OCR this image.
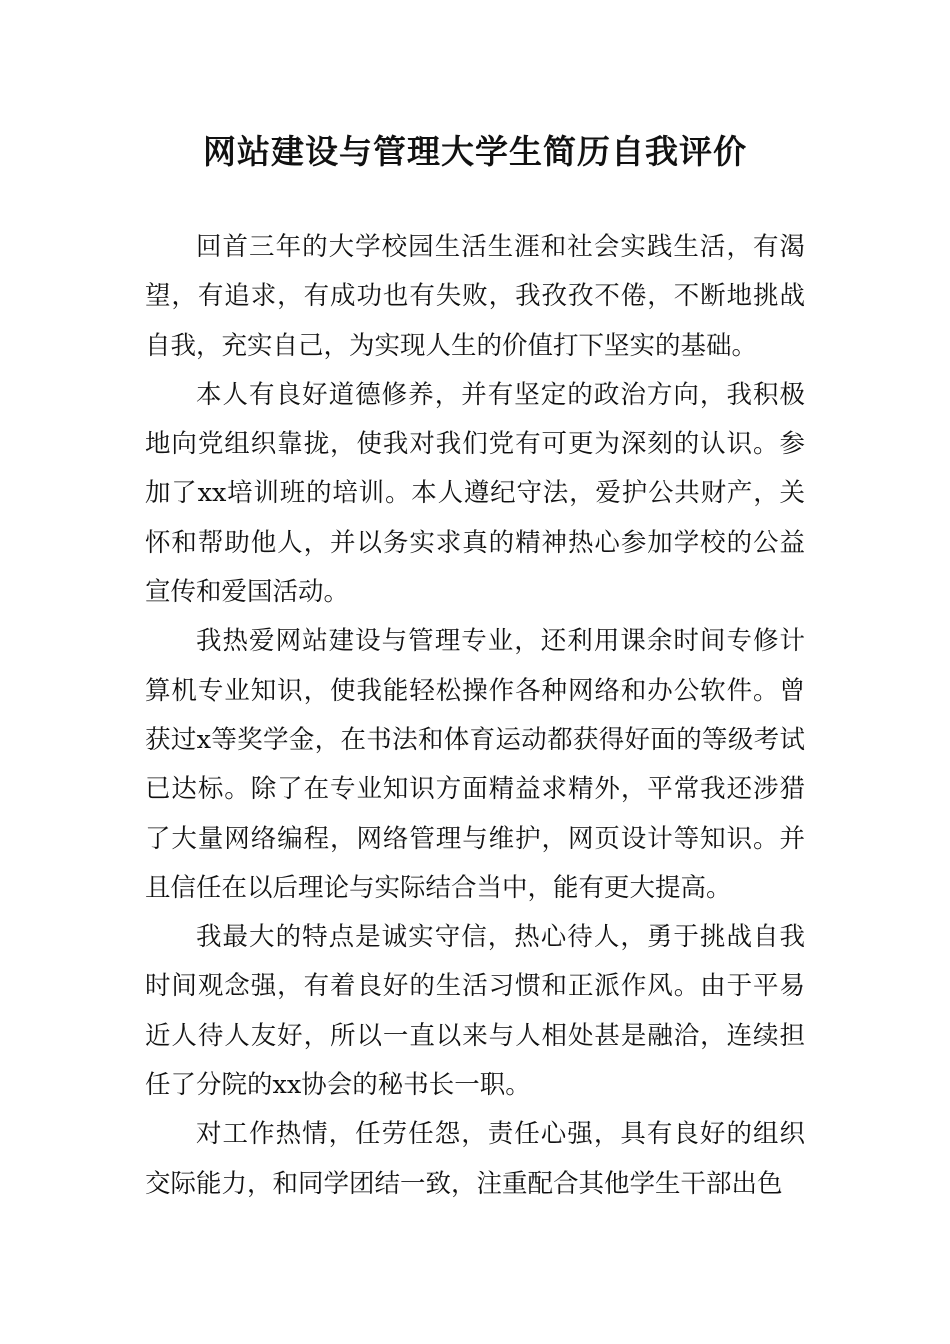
网站建设与管理大学生简历自我评价

回首三年的大学校园生活生涯和社会实践生活，有渴望，有追求，有成功也有失败，我孜孜不倦，不断地挑战自我，充实自己，为实现人生的价值打下坚实的基础。

本人有良好道德修养，并有坚定的政治方向，我积极地向党组织靠拢，使我对我们党有可更为深刻的认识。参加了xx培训班的培训。本人遵纪守法，爱护公共财产，关怀和帮助他人，并以务实求真的精神热心参加学校的公益宣传和爱国活动。

我热爱网站建设与管理专业，还利用课余时间专修计算机专业知识，使我能轻松操作各种网络和办公软件。曾获过x等奖学金，在书法和体育运动都获得好面的等级考试已达标。除了在专业知识方面精益求精外，平常我还涉猎了大量网络编程，网络管理与维护，网页设计等知识。并且信任在以后理论与实际结合当中，能有更大提高。

我最大的特点是诚实守信，热心待人，勇于挑战自我时间观念强，有着良好的生活习惯和正派作风。由于平易近人待人友好，所以一直以来与人相处甚是融洽，连续担任了分院的xx协会的秘书长一职。

对工作热情，任劳任怨，责任心强，具有良好的组织交际能力，和同学团结一致，注重配合其他学生干部出色
